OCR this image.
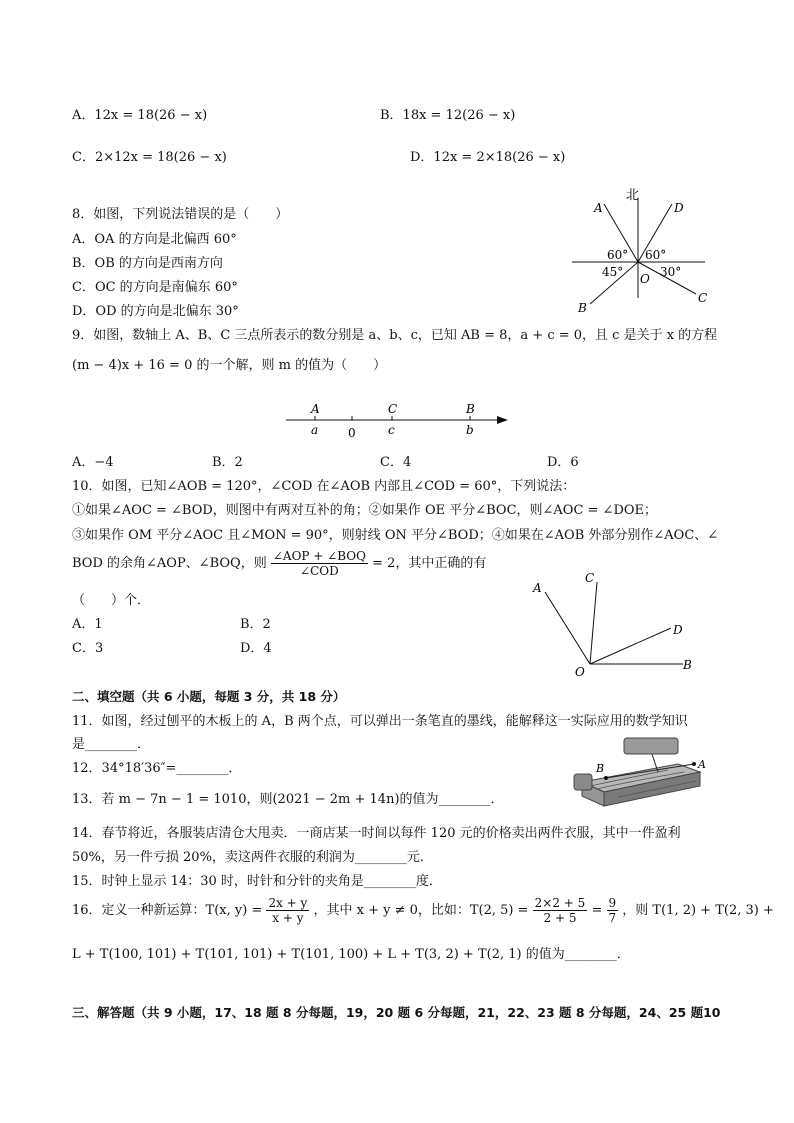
A．12x = 18(26 − x)	B．18x = 12(26 − x)
C．2×12x = 18(26 − x)	D．12x = 2×18(26 − x)
8．如图，下列说法错误的是（　　）
A．OA 的方向是北偏西 60°
B．OB 的方向是西南方向
C．OC 的方向是南偏东 60°
D．OD 的方向是北偏东 30°
北
A	D
B
C
O
60° 60°
45°	30°
9．如图，数轴上 A、B、C 三点所表示的数分别是 a、b、c，已知 AB = 8，a + c = 0，且 c 是关于 x 的方程
(m − 4)x + 16 = 0 的一个解，则 m 的值为（　　）
A	C	B
a 0	c	b
A．−4	B．2	C．4	D．6
10．如图，已知∠AOB = 120°，∠COD 在∠AOB 内部且∠COD = 60°，下列说法：
①如果∠AOC = ∠BOD，则图中有两对互补的角；②如果作 OE 平分∠BOC，则∠AOC = ∠DOE；
③如果作 OM 平分∠AOC 且∠MON = 90°，则射线 ON 平分∠BOD；④如果在∠AOB 外部分别作∠AOC、∠
BOD 的余角∠AOP、∠BOQ，则 $\frac{\text{∠AOP + ∠BOQ}}{\text{∠COD}} = 2$，其中正确的有
（　　）个．
A．1	B．2
C．3	D．4
A
C
D
B
O
二、填空题（共 6 小题，每题 3 分，共 18 分）
11．如图，经过刨平的木板上的 A，B 两个点，可以弹出一条笔直的墨线，能解释这一实际应用的数学知识
是________．
12．34°18′36″=________．	B	A
13．若 m − 7n − 1 = 1010，则(2021 − 2m + 14n)的值为________．
14．春节将近，各服装店清仓大甩卖．一商店某一时间以每件 120 元的价格卖出两件衣服，其中一件盈利
50%，另一件亏损 20%，卖这两件衣服的利润为________元．
15．时钟上显示 14：30 时，时针和分针的夹角是________度．
16．定义一种新运算：T(x, $y) = \frac{2x + y}{x + y}$ ，其中 x + y ≠ 0，比如：T(2, $5) = \frac{2\times 2 + 5}{2 + 5} = \frac{9}{7}$ ，则 T(1, 2) + T(2, 3) +
L + T(100, 101) + T(101, 101) + T(101, 100) + L + T(3, 2) + T(2, 1) 的值为________．
三、解答题（共 9 小题，17、18 题 8 分每题，19，20 题 6 分每题，21，22、23 题 8 分每题，24、25 题10
